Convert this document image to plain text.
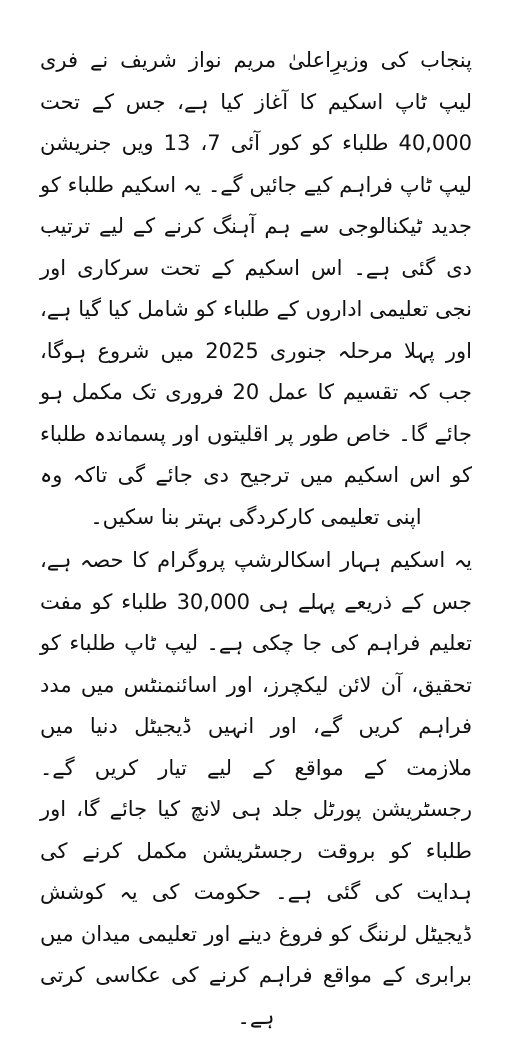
پنجاب کی وزیرِاعلیٰ مریم نواز شریف نے فری لیپ ٹاپ اسکیم کا آغاز کیا ہے، جس کے تحت 40,000 طلباء کو کور آئی 7، 13 ویں جنریشن لیپ ٹاپ فراہم کیے جائیں گے۔ یہ اسکیم طلباء کو جدید ٹیکنالوجی سے ہم آہنگ کرنے کے لیے ترتیب دی گئی ہے۔ اس اسکیم کے تحت سرکاری اور نجی تعلیمی اداروں کے طلباء کو شامل کیا گیا ہے، اور پہلا مرحلہ جنوری 2025 میں شروع ہوگا، جب کہ تقسیم کا عمل 20 فروری تک مکمل ہو جائے گا۔ خاص طور پر اقلیتوں اور پسماندہ طلباء کو اس اسکیم میں ترجیح دی جائے گی تاکہ وہ اپنی تعلیمی کارکردگی بہتر بنا سکیں۔

یہ اسکیم ہہار اسکالرشپ پروگرام کا حصہ ہے، جس کے ذریعے پہلے ہی 30,000 طلباء کو مفت تعلیم فراہم کی جا چکی ہے۔ لیپ ٹاپ طلباء کو تحقیق، آن لائن لیکچرز، اور اسائنمنٹس میں مدد فراہم کریں گے، اور انہیں ڈیجیٹل دنیا میں ملازمت کے مواقع کے لیے تیار کریں گے۔ رجسٹریشن پورٹل جلد ہی لانچ کیا جائے گا، اور طلباء کو بروقت رجسٹریشن مکمل کرنے کی ہدایت کی گئی ہے۔ حکومت کی یہ کوشش ڈیجیٹل لرننگ کو فروغ دینے اور تعلیمی میدان میں برابری کے مواقع فراہم کرنے کی عکاسی کرتی ہے۔
